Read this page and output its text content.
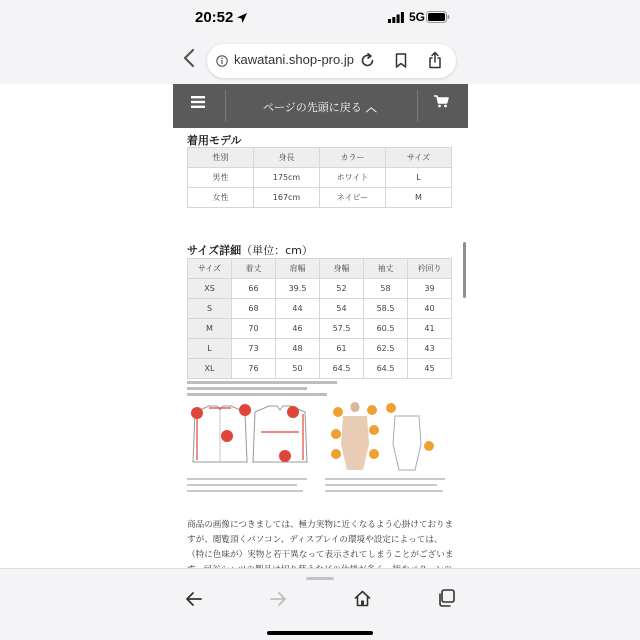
20:52	5G
kawatani.shop-pro.jp
ページの先頭に戻る ︿
着用モデル
性別	身長	カラー	サイズ
男性	175cm	ホワイト	L
女性	167cm	ネイビー	M
サイズ詳細（単位：cm）
サイズ	着丈	肩幅	身幅	袖丈	衿回り
XS	66	39.5	52	58	39
S	68	44	54	58.5	40
M	70	46	57.5	60.5	41
L	73	48	61	62.5	43
XL	76	50	64.5	64.5	45

商品の画像につきましては、極力実物に近くなるよう心掛けておりま

すが、閲覧頂くパソコン、ディスプレイの環境や設定によっては、

（特に色味が）実物と若干異なって表示されてしまうことがございま
